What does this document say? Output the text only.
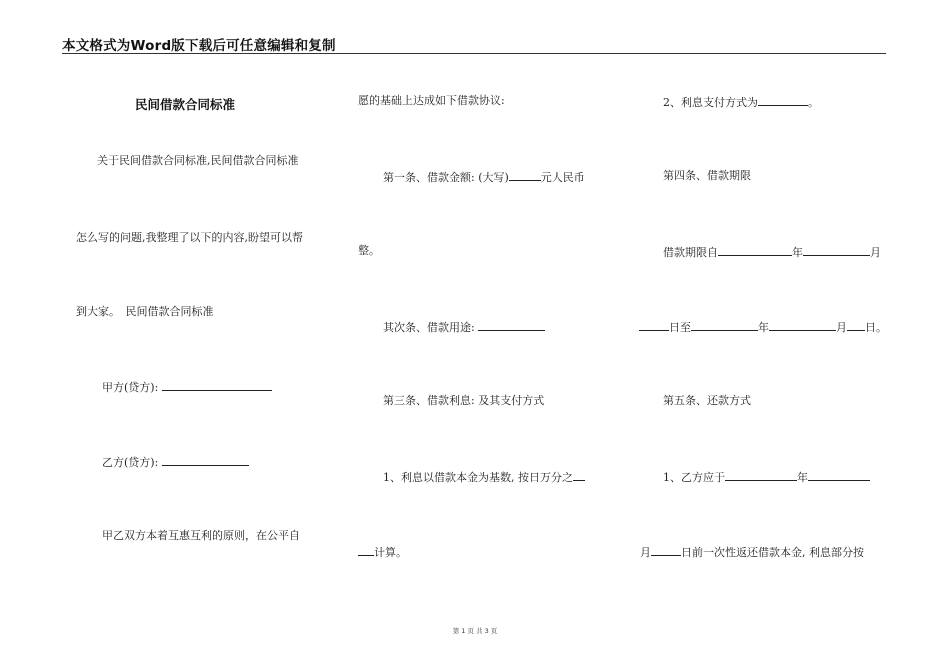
本文格式为Word版下载后可任意编辑和复制
民间借款合同标准
关于民间借款合同标准,民间借款合同标准
怎么写的问题,我整理了以下的内容,盼望可以帮
到大家。　民间借款合同标准
甲方(贷方):
乙方(贷方):
甲乙双方本着互惠互利的原则，在公平自
愿的基础上达成如下借款协议:
第一条、借款金额: (大写)	元人民币
整。
其次条、借款用途:
第三条、借款利息: 及其支付方式
1、利息以借款本金为基数, 按日万分之
计算。
2、利息支付方式为	。
第四条、借款期限
借款期限自	年	月
日至	年	月 日。
第五条、还款方式
1、乙方应于	年
月	日前一次性返还借款本金, 利息部分按
第 1 页 共 3 页
